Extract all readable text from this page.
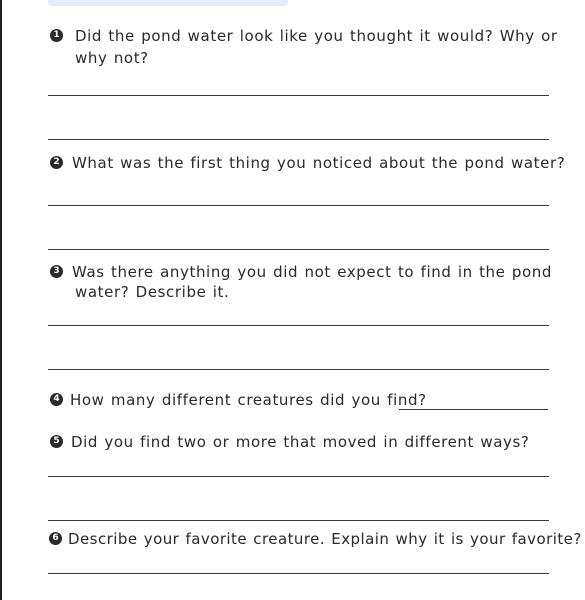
1 Did the pond water look like you thought it would? Why or
why not?
2 What was the first thing you noticed about the pond water?
3 Was there anything you did not expect to find in the pond
water? Describe it.
4 How many different creatures did you find?
5 Did you find two or more that moved in different ways?
6 Describe your favorite creature. Explain why it is your favorite?
